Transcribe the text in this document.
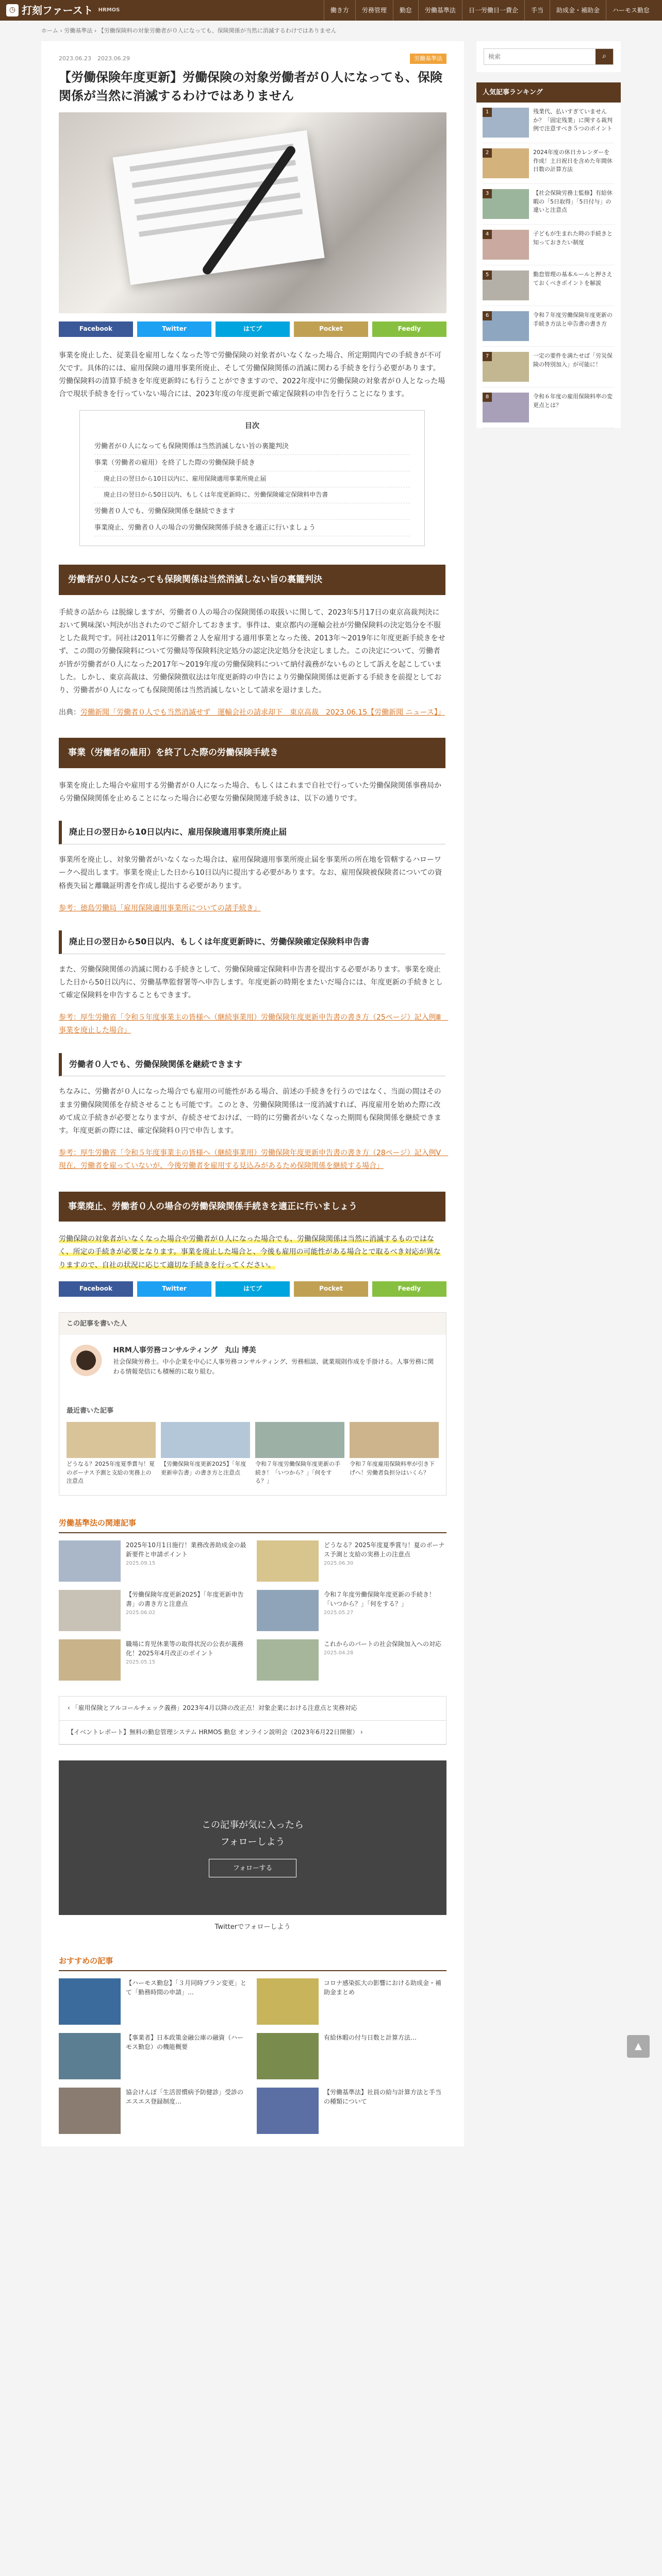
◷ 打刻ファースト HRMOS	働き方	労務管理	勤怠	労働基準法	日一労働日一費企	手当	助成金・補助金	ハーモス勤怠
ホーム › 労働基準法 › 【労働保険料の対象労働者が０人になっても、保険関係が当然に消滅するわけではありません
2023.06.23 2023.06.29	労働基準法
【労働保険年度更新】労働保険の対象労働者が０人になっても、保険関係が当然に消滅するわけではありません
Facebook	Twitter	はてブ	Pocket	Feedly

事業を廃止した、従業員を雇用しなくなった等で労働保険の対象者がいなくなった場合、所定期間内での手続きが不可欠です。具体的には、雇用保険の適用事業所廃止、そして労働保険関係の消滅に関わる手続きを行う必要があります。労働保険料の清算手続きを年度更新時にも行うことができますので、2022年度中に労働保険の対象者が０人となった場合で現状手続きを行っていない場合には、2023年度の年度更新で確定保険料の申告を行うことになります。

目次
労働者が０人になっても保険関係は当然消滅しない旨の裏籠判決
事業（労働者の雇用）を終了した際の労働保険手続き
廃止日の翌日から10日以内に、雇用保険適用事業所廃止届
廃止日の翌日から50日以内、もしくは年度更新時に、労働保険確定保険料申告書
労働者０人でも、労働保険関係を継続できます
事業廃止、労働者０人の場合の労働保険関係手続きを適正に行いましょう
労働者が０人になっても保険関係は当然消滅しない旨の裏籠判決

手続きの話から は脱線しますが、労働者０人の場合の保険関係の取扱いに関して、2023年5月17日の東京高裁判決において興味深い判決が出されたのでご紹介しておきます。事件は、東京都内の運輸会社が労働保険料の決定処分を不服とした裁判です。同社は2011年に労働者２人を雇用する適用事業となった後、2013年〜2019年に年度更新手続きをせず、この間の労働保険料について労働局等保険料決定処分の認定決定処分を決定しました。この決定について、労働者が皆が労働者が０人になった2017年〜2019年度の労働保険料について納付義務がないものとして訴えを起こしていました。しかし、東京高裁は、労働保険徴収法は年度更新時の申告により労働保険関係は更新する手続きを前提としており、労働者が０人になっても保険関係は当然消滅しないとして請求を退けました。

出典：労働新聞「労働者０人でも当然消滅せず　運輸会社の請求却下　東京高裁　2023.06.15【労働新聞 ニュース】」

事業（労働者の雇用）を終了した際の労働保険手続き

事業を廃止した場合や雇用する労働者が０人になった場合、もしくはこれまで自社で行っていた労働保険関係事務局から労働保険関係を止めることになった場合に必要な労働保険関連手続きは、以下の通りです。

廃止日の翌日から10日以内に、雇用保険適用事業所廃止届

事業所を廃止し、対象労働者がいなくなった場合は、雇用保険適用事業所廃止届を事業所の所在地を管轄するハローワークへ提出します。事業を廃止した日から10日以内に提出する必要があります。なお、雇用保険被保険者についての資格喪失届と離職証明書を作成し提出する必要があります。

参考：徳島労働局「雇用保険適用事業所についての諸手続き」

廃止日の翌日から50日以内、もしくは年度更新時に、労働保険確定保険料申告書

また、労働保険関係の消滅に関わる手続きとして、労働保険確定保険料申告書を提出する必要があります。事業を廃止した日から50日以内に、労働基準監督署等へ申告します。年度更新の時期をまたいだ場合には、年度更新の手続きとして確定保険料を申告することもできます。

参考：厚生労働省「令和５年度事業主の皆様へ（継続事業用）労働保険年度更新申告書の書き方（25ページ）記入例Ⅲ　事業を廃止した場合」

労働者０人でも、労働保険関係を継続できます

ちなみに、労働者が０人になった場合でも雇用の可能性がある場合、前述の手続きを行うのではなく、当面の間はそのまま労働保険関係を存続させることも可能です。このとき、労働保険関係は一度消滅すれば、再度雇用を始めた際に改めて成立手続きが必要となりますが、存続させておけば、一時的に労働者がいなくなった期間も保険関係を継続できます。年度更新の際には、確定保険料０円で申告します。

参考：厚生労働省「令和５年度事業主の皆様へ（継続事業用）労働保険年度更新申告書の書き方（28ページ）記入例Ⅴ　現在、労働者を雇っていないが、今後労働者を雇用する見込みがあるため保険関係を継続する場合」

事業廃止、労働者０人の場合の労働保険関係手続きを適正に行いましょう

労働保険の対象者がいなくなった場合や労働者が０人になった場合でも、労働保険関係は当然に消滅するものではなく、所定の手続きが必要となります。事業を廃止した場合と、今後も雇用の可能性がある場合とで取るべき対応が異なりますので、自社の状況に応じて適切な手続きを行ってください。

Facebook	Twitter	はてブ	Pocket	Feedly
この記事を書いた人
HRM人事労務コンサルティング　丸山 博美
社会保険労務士。中小企業を中心に人事労務コンサルティング、労務相談、就業規則作成を手掛ける。人事労務に関わる情報発信にも積極的に取り組む。
最近書いた記事

どうなる？2025年度夏季賞与！夏のボーナス予測と支給の実務上の注意点

【労働保険年度更新2025】「年度更新申告書」の書き方と注意点

令和７年度労働保険年度更新の手続き！「いつから？」「何をする？」

令和７年度雇用保険料率が引き下げへ！労働者負担分はいくら？

労働基準法の関連記事
2025年10月1日施行！業務改善助成金の最新要件と申請ポイント
2025.09.15
どうなる？2025年度夏季賞与！夏のボーナス予測と支給の実務上の注意点
2025.06.30
【労働保険年度更新2025】「年度更新申告書」の書き方と注意点
2025.06.02
令和７年度労働保険年度更新の手続き！「いつから？」「何をする？」
2025.05.27
職場に育児休業等の取得状況の公表が義務化！2025年4月改正のポイント
2025.05.15
これからのパートの社会保険加入への対応
2025.04.28
‹ 「雇用保険とアルコールチェック義務」2023年4月以降の改正点！対象企業における注意点と実務対応
【イベントレポート】無料の勤怠管理システム HRMOS 勤怠 オンライン説明会（2023年6月22日開催） ›
この記事が気に入ったら
フォローしよう
フォローする
Twitterでフォローしよう
おすすめの記事
【ハーモス勤怠】「３月同時プラン変更」とて「勤務時間の申請」…
コロナ感染拡大の影響における助成金・補助金まとめ
【事業者】日本政策金融公庫の融資（ハーモス勤怠）の機能概要
有給休暇の付与日数と計算方法…
協会けんぽ「生活習慣病予防健診」受診のエスエス登録制度…
【労働基準法】社員の給与計算方法と手当の種類について
検索
⌕
人気記事ランキング
1	残業代、払いすぎていませんか？「固定残業」に関する裁判例で注意すべき５つのポイント
2	2024年度の休日カレンダーを作成！土日祝日を含めた年間休日数の計算方法
3	【社会保険労務士監修】有給休暇の「5日取得」「5日付与」の違いと注意点
4	子どもが生まれた時の手続きと知っておきたい制度
5	勤怠管理の基本ルールと押さえておくべきポイントを解説
6	令和７年度労働保険年度更新の手続き方法と申告書の書き方
7	一定の要件を満たせば「労災保険の特別加入」が可能に！
8	令和６年度の雇用保険料率の変更点とは？
▲
